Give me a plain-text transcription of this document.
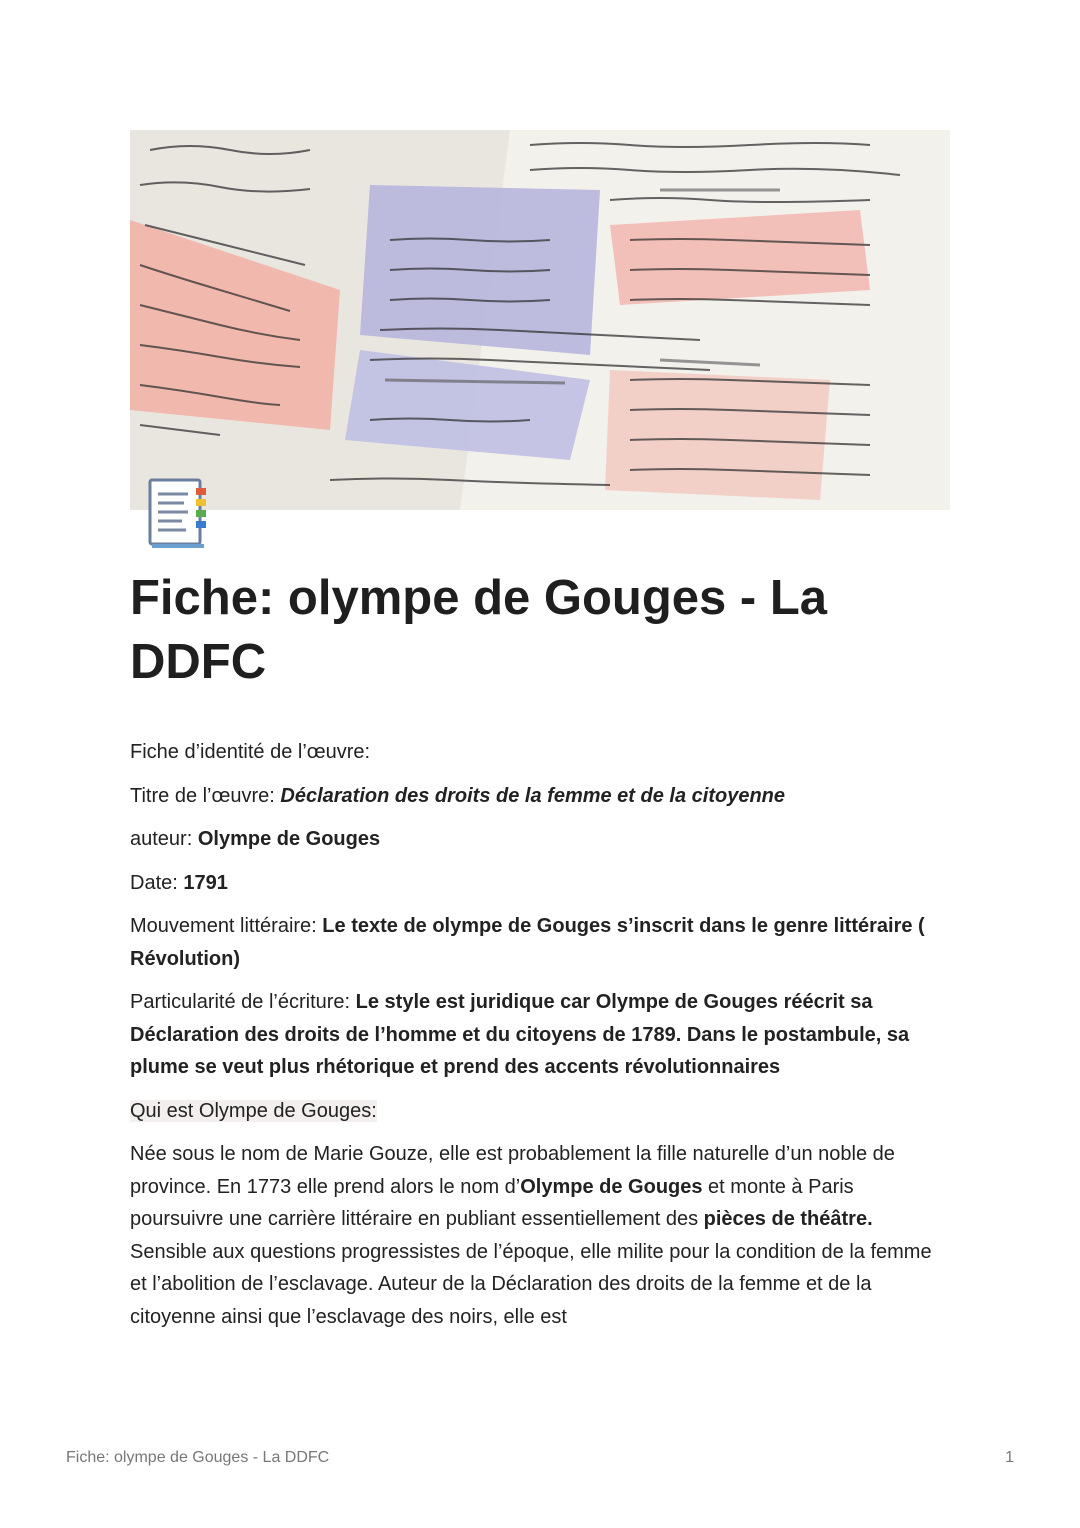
Fiche: olympe de Gouges - La DDFC

Fiche d’identité de l’œuvre:

Titre de l’œuvre: Déclaration des droits de la femme et de la citoyenne

auteur: Olympe de Gouges

Date: 1791

Mouvement littéraire: Le texte de olympe de Gouges s’inscrit dans le genre littéraire ( Révolution)

Particularité de l’écriture: Le style est juridique car Olympe de Gouges réécrit sa Déclaration des droits de l’homme et du citoyens de 1789. Dans le postambule, sa plume se veut plus rhétorique et prend des accents révolutionnaires

Qui est Olympe de Gouges:

Née sous le nom de Marie Gouze, elle est probablement la fille naturelle d’un noble de province. En 1773 elle prend alors le nom d’Olympe de Gouges et monte à Paris poursuivre une carrière littéraire en publiant essentiellement des pièces de théâtre. Sensible aux questions progressistes de l’époque, elle milite pour la condition de la femme et l’abolition de l’esclavage. Auteur de la Déclaration des droits de la femme et de la citoyenne ainsi que l’esclavage des noirs, elle est

Fiche: olympe de Gouges - La DDFC	1
